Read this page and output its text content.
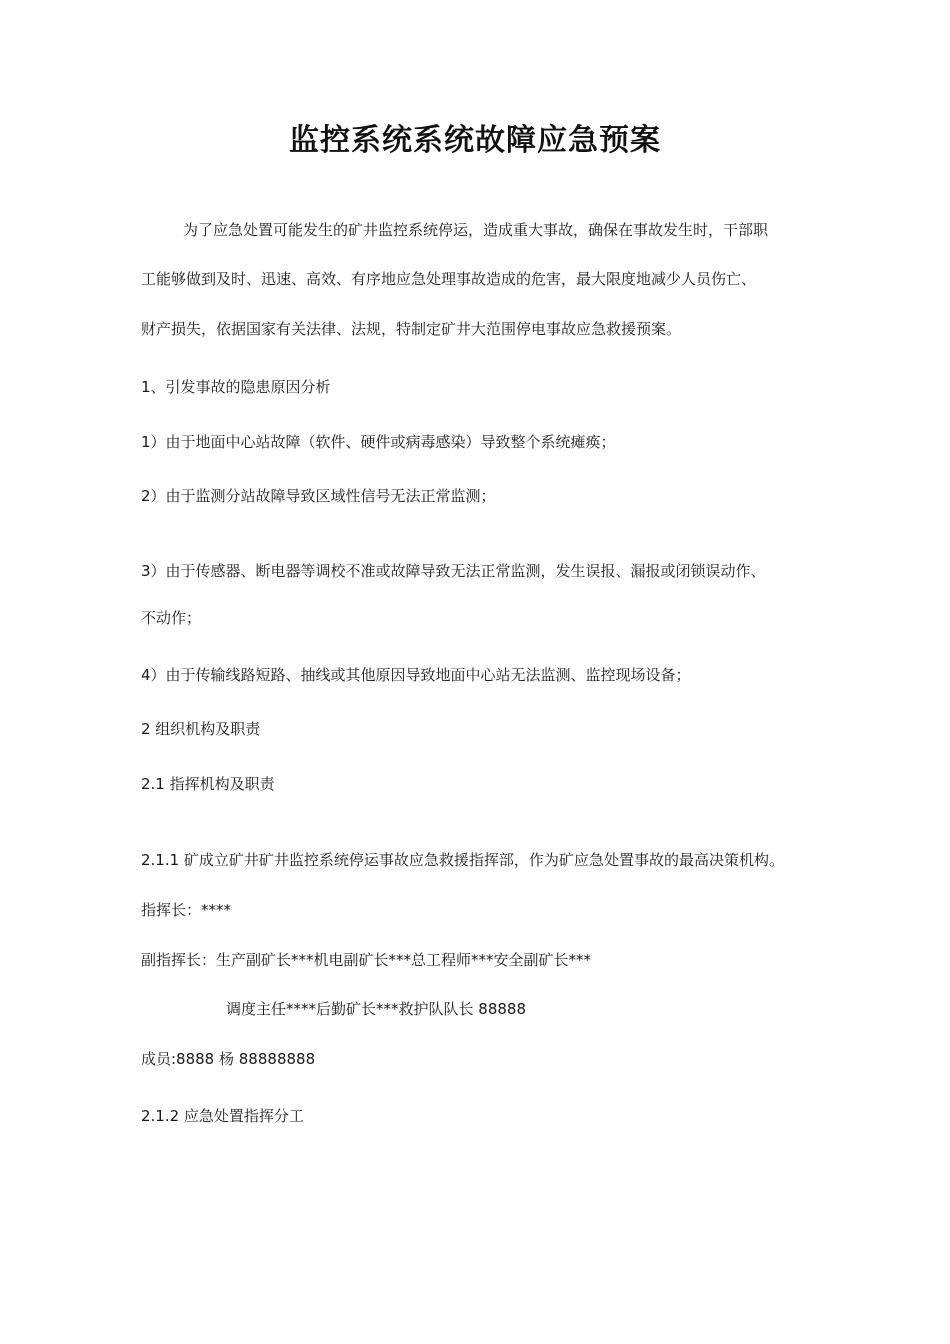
监控系统系统故障应急预案
为了应急处置可能发生的矿井监控系统停运，造成重大事故，确保在事故发生时，干部职
工能够做到及时、迅速、高效、有序地应急处理事故造成的危害，最大限度地减少人员伤亡、
财产损失，依据国家有关法律、法规，特制定矿井大范围停电事故应急救援预案。
1、引发事故的隐患原因分析
1）由于地面中心站故障（软件、硬件或病毒感染）导致整个系统瘫痪；
2）由于监测分站故障导致区域性信号无法正常监测；
3）由于传感器、断电器等调校不准或故障导致无法正常监测，发生误报、漏报或闭锁误动作、
不动作；
4）由于传输线路短路、抽线或其他原因导致地面中心站无法监测、监控现场设备；
2 组织机构及职责
2.1 指挥机构及职责
2.1.1 矿成立矿井矿井监控系统停运事故应急救援指挥部，作为矿应急处置事故的最高决策机构。
指挥长：****
副指挥长：生产副矿长***机电副矿长***总工程师***安全副矿长***
调度主任****后勤矿长***救护队队长 88888
成员:8888 杨 88888888
2.1.2 应急处置指挥分工
